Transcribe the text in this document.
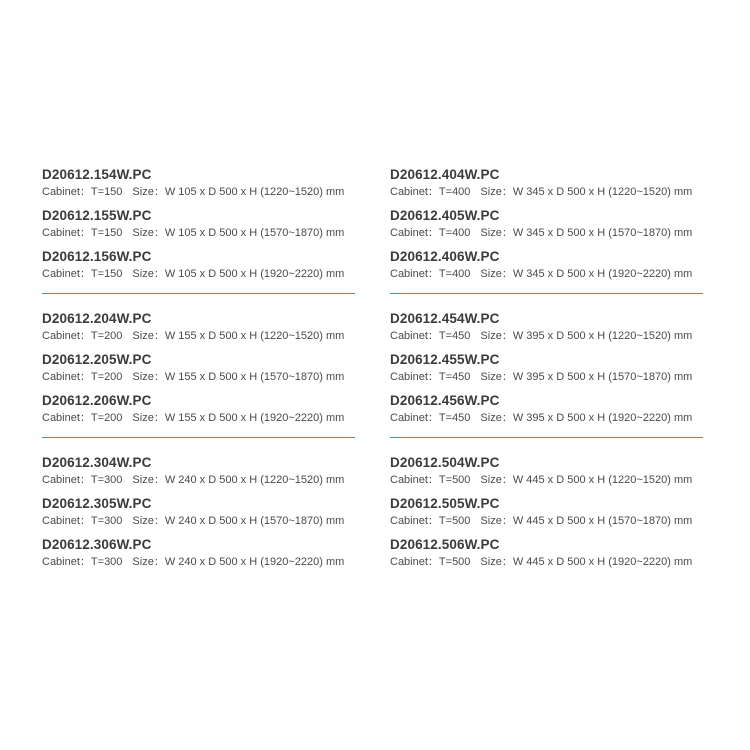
D20612.154W.PC
Cabinet：T=150 Size：W 105 x D 500 x H (1220~1520) mm
D20612.155W.PC
Cabinet：T=150 Size：W 105 x D 500 x H (1570~1870) mm
D20612.156W.PC
Cabinet：T=150 Size：W 105 x D 500 x H (1920~2220) mm
D20612.204W.PC
Cabinet：T=200 Size：W 155 x D 500 x H (1220~1520) mm
D20612.205W.PC
Cabinet：T=200 Size：W 155 x D 500 x H (1570~1870) mm
D20612.206W.PC
Cabinet：T=200 Size：W 155 x D 500 x H (1920~2220) mm
D20612.304W.PC
Cabinet：T=300 Size：W 240 x D 500 x H (1220~1520) mm
D20612.305W.PC
Cabinet：T=300 Size：W 240 x D 500 x H (1570~1870) mm
D20612.306W.PC
Cabinet：T=300 Size：W 240 x D 500 x H (1920~2220) mm
D20612.404W.PC
Cabinet：T=400 Size：W 345 x D 500 x H (1220~1520) mm
D20612.405W.PC
Cabinet：T=400 Size：W 345 x D 500 x H (1570~1870) mm
D20612.406W.PC
Cabinet：T=400 Size：W 345 x D 500 x H (1920~2220) mm
D20612.454W.PC
Cabinet：T=450 Size：W 395 x D 500 x H (1220~1520) mm
D20612.455W.PC
Cabinet：T=450 Size：W 395 x D 500 x H (1570~1870) mm
D20612.456W.PC
Cabinet：T=450 Size：W 395 x D 500 x H (1920~2220) mm
D20612.504W.PC
Cabinet：T=500 Size：W 445 x D 500 x H (1220~1520) mm
D20612.505W.PC
Cabinet：T=500 Size：W 445 x D 500 x H (1570~1870) mm
D20612.506W.PC
Cabinet：T=500 Size：W 445 x D 500 x H (1920~2220) mm
